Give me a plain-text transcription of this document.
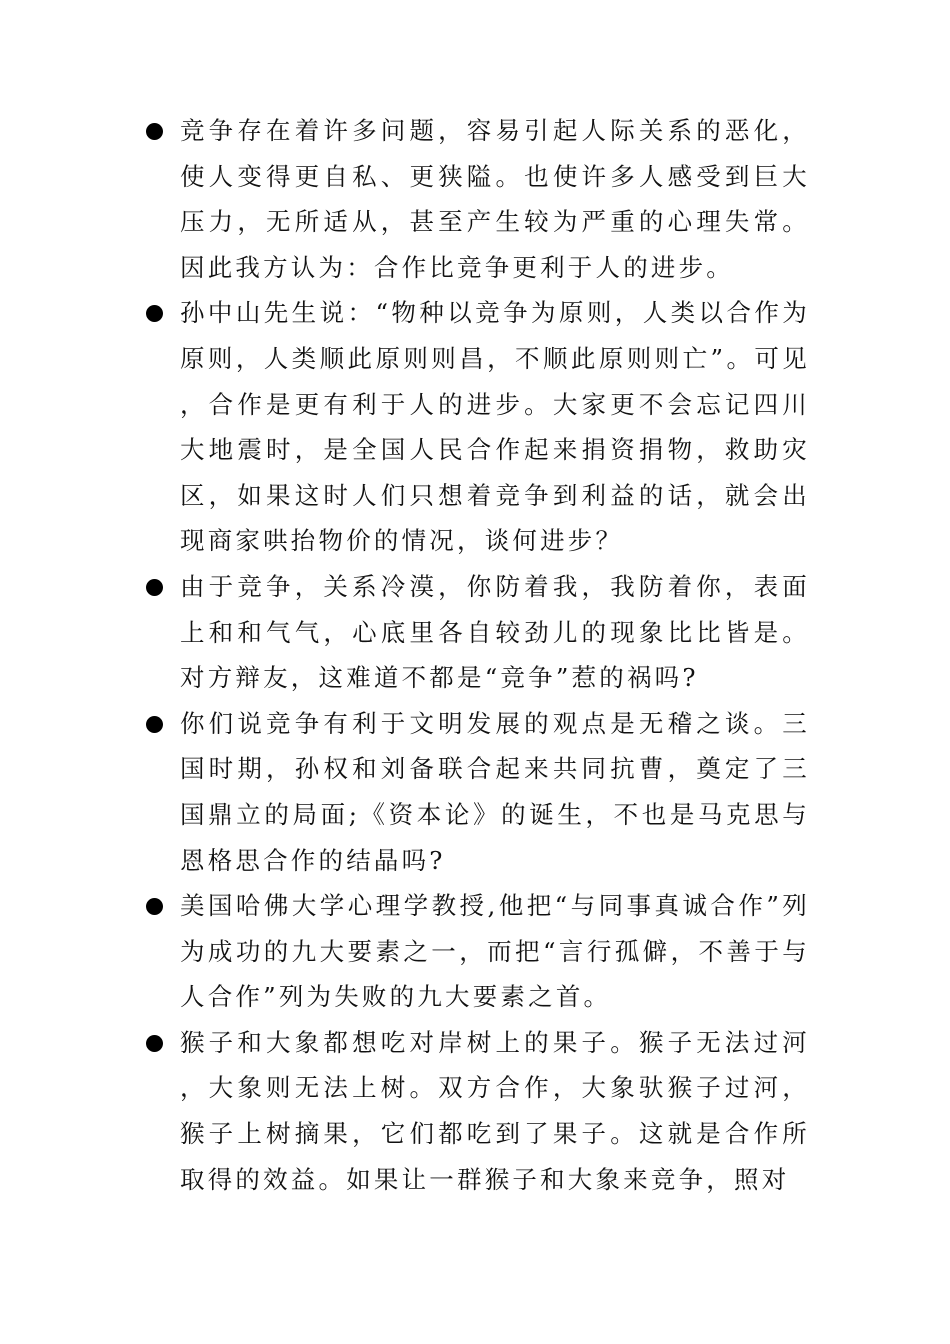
竞争存在着许多问题，容易引起人际关系的恶化，使人变得更自私、更狭隘。也使许多人感受到巨大压力，无所适从，甚至产生较为严重的心理失常。因此我方认为：合作比竞争更利于人的进步。
孙中山先生说：“物种以竞争为原则，人类以合作为原则，人类顺此原则则昌，不顺此原则则亡”。可见，合作是更有利于人的进步。大家更不会忘记四川大地震时，是全国人民合作起来捐资捐物，救助灾区，如果这时人们只想着竞争到利益的话，就会出现商家哄抬物价的情况，谈何进步？
由于竞争，关系冷漠，你防着我，我防着你，表面上和和气气，心底里各自较劲儿的现象比比皆是。对方辩友，这难道不都是“竞争”惹的祸吗?
你们说竞争有利于文明发展的观点是无稽之谈。三国时期，孙权和刘备联合起来共同抗曹，奠定了三国鼎立的局面;《资本论》的诞生，不也是马克思与恩格思合作的结晶吗?
美国哈佛大学心理学教授,他把“与同事真诚合作”列为成功的九大要素之一，而把“言行孤僻，不善于与人合作”列为失败的九大要素之首。
猴子和大象都想吃对岸树上的果子。猴子无法过河，大象则无法上树。双方合作，大象驮猴子过河，猴子上树摘果，它们都吃到了果子。这就是合作所取得的效益。如果让一群猴子和大象来竞争，照对
